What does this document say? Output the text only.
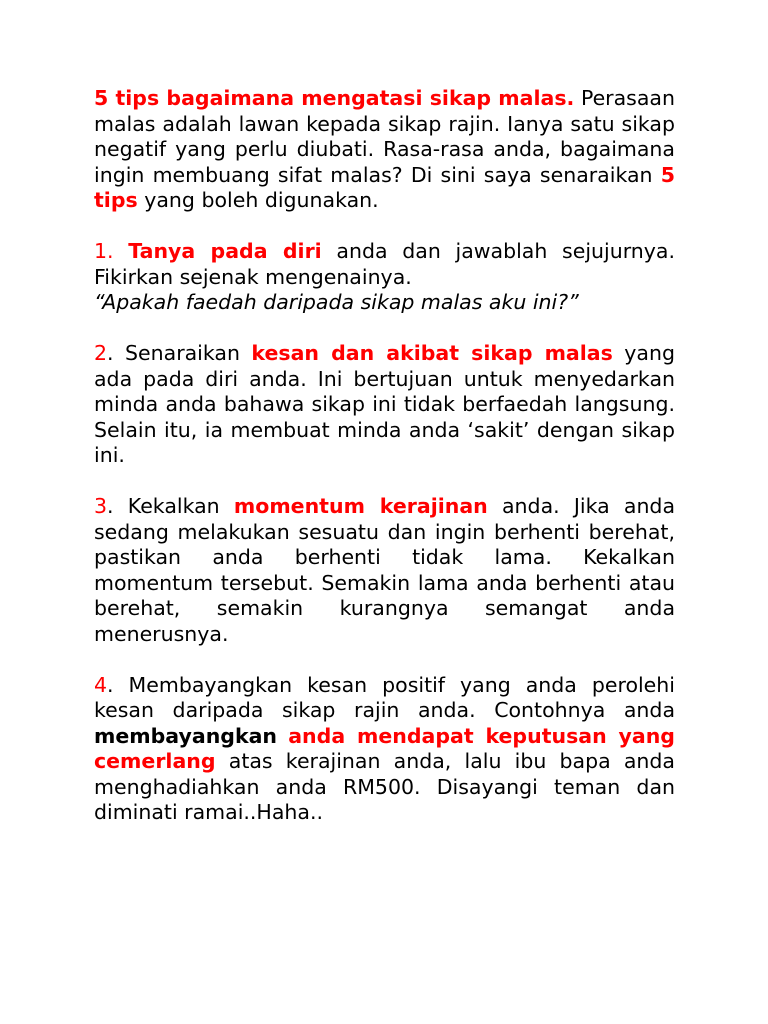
5 tips bagaimana mengatasi sikap malas. Perasaan malas adalah lawan kepada sikap rajin. Ianya satu sikap negatif yang perlu diubati. Rasa-rasa anda, bagaimana ingin membuang sifat malas? Di sini saya senaraikan 5 tips yang boleh digunakan.

1. Tanya pada diri anda dan jawablah sejujurnya. Fikirkan sejenak mengenainya.
“Apakah faedah daripada sikap malas aku ini?”

2. Senaraikan kesan dan akibat sikap malas yang ada pada diri anda. Ini bertujuan untuk menyedarkan minda anda bahawa sikap ini tidak berfaedah langsung. Selain itu, ia membuat minda anda ‘sakit’ dengan sikap ini.

3. Kekalkan momentum kerajinan anda. Jika anda sedang melakukan sesuatu dan ingin berhenti berehat, pastikan anda berhenti tidak lama. Kekalkan momentum tersebut. Semakin lama anda berhenti atau berehat, semakin kurangnya semangat anda menerusnya.

4. Membayangkan kesan positif yang anda perolehi kesan daripada sikap rajin anda. Contohnya anda membayangkan anda mendapat keputusan yang cemerlang atas kerajinan anda, lalu ibu bapa anda menghadiahkan anda RM500. Disayangi teman dan diminati ramai..Haha..
